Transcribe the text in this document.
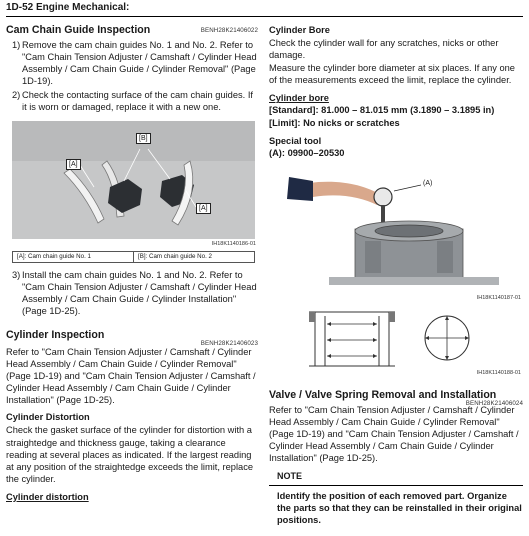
1D-52 Engine Mechanical:
Cam Chain Guide Inspection	BENH28K21406022
1) Remove the cam chain guides No. 1 and No. 2. Refer to "Cam Chain Tension Adjuster / Camshaft / Cylinder Head Assembly / Cam Chain Guide / Cylinder Removal" (Page 1D-19).
2) Check the contacting surface of the cam chain guides. If it is worn or damaged, replace it with a new one.
[B]
[A]
[A]
IH18K1140186-01
[A]: Cam chain guide No. 1	[B]: Cam chain guide No. 2
3) Install the cam chain guides No. 1 and No. 2. Refer to "Cam Chain Tension Adjuster / Camshaft / Cylinder Head Assembly / Cam Chain Guide / Cylinder Installation" (Page 1D-25).
Cylinder Inspection
BENH28K21406023
Refer to "Cam Chain Tension Adjuster / Camshaft / Cylinder Head Assembly / Cam Chain Guide / Cylinder Removal" (Page 1D-19) and "Cam Chain Tension Adjuster / Camshaft / Cylinder Head Assembly / Cam Chain Guide / Cylinder Installation" (Page 1D-25).
Cylinder Distortion
Check the gasket surface of the cylinder for distortion with a straightedge and thickness gauge, taking a clearance reading at several places as indicated. If the largest reading at any position of the straightedge exceeds the limit, replace the cylinder.
Cylinder distortion
Cylinder Bore
Check the cylinder wall for any scratches, nicks or other damage.
Measure the cylinder bore diameter at six places. If any one of the measurements exceed the limit, replace the cylinder.
Cylinder bore
[Standard]: 81.000 – 81.015 mm (3.1890 – 3.1895 in)
[Limit]: No nicks or scratches
Special tool
(A): 09900–20530
(A)
IH18K1140187-01
IH18K1140188-01
Valve / Valve Spring Removal and Installation
BENH28K21406024
Refer to "Cam Chain Tension Adjuster / Camshaft / Cylinder Head Assembly / Cam Chain Guide / Cylinder Removal" (Page 1D-19) and "Cam Chain Tension Adjuster / Camshaft / Cylinder Head Assembly / Cam Chain Guide / Cylinder Installation" (Page 1D-25).
NOTE
Identify the position of each removed part. Organize the parts so that they can be reinstalled in their original positions.
